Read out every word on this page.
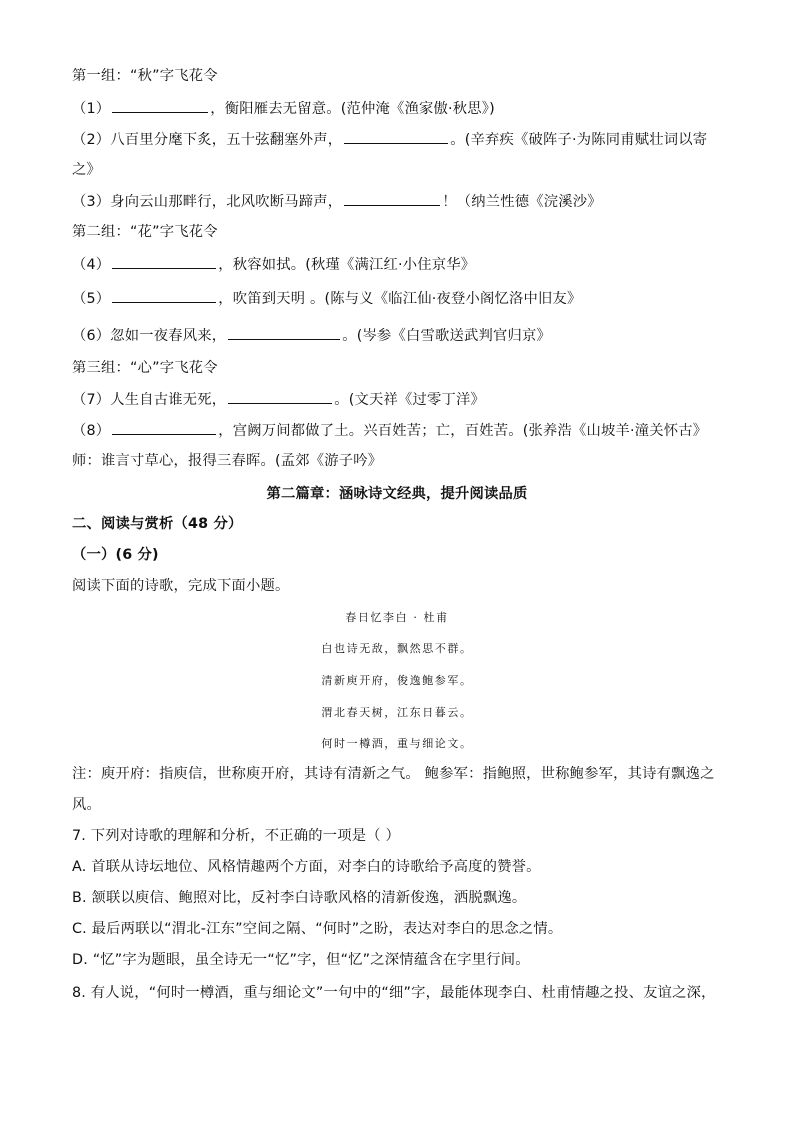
第一组：“秋”字飞花令
（1）	，衡阳雁去无留意。(范仲淹《渔家傲·秋思》)
（2）八百里分麾下炙，五十弦翻塞外声，	。(辛弃疾《破阵子·为陈同甫赋壮词以寄
之》
（3）身向云山那畔行，北风吹断马蹄声，	！（纳兰性德《浣溪沙》
第二组：“花”字飞花令
（4）	，秋容如拭。(秋瑾《满江红·小住京华》
（5）	，吹笛到天明 。(陈与义《临江仙·夜登小阁忆洛中旧友》
（6）忽如一夜春风来，	。(岑参《白雪歌送武判官归京》
第三组：“心”字飞花令
（7）人生自古谁无死，	。(文天祥《过零丁洋》
（8）	，宫阙万间都做了土。兴百姓苦；亡，百姓苦。(张养浩《山坡羊·潼关怀古》
师：谁言寸草心，报得三春晖。(孟郊《游子吟》
第二篇章：涵咏诗文经典，提升阅读品质
二、阅读与赏析（48 分）
（一）(6 分)
阅读下面的诗歌，完成下面小题。
春日忆李白 · 杜甫
白也诗无敌，飘然思不群。
清新庾开府，俊逸鲍参军。
渭北春天树，江东日暮云。
何时一樽酒，重与细论文。
注：庾开府：指庾信，世称庾开府，其诗有清新之气。 鲍参军：指鲍照，世称鲍参军，其诗有飘逸之
风。
7. 下列对诗歌的理解和分析，不正确的一项是（ ）
A. 首联从诗坛地位、风格情趣两个方面，对李白的诗歌给予高度的赞誉。
B. 颔联以庾信、鲍照对比，反衬李白诗歌风格的清新俊逸，洒脱飘逸。
C. 最后两联以“渭北-江东”空间之隔、“何时”之盼，表达对李白的思念之情。
D. “忆”字为题眼，虽全诗无一“忆”字，但“忆”之深情蕴含在字里行间。
8. 有人说，“何时一樽酒，重与细论文”一句中的“细”字，最能体现李白、杜甫情趣之投、友谊之深，
